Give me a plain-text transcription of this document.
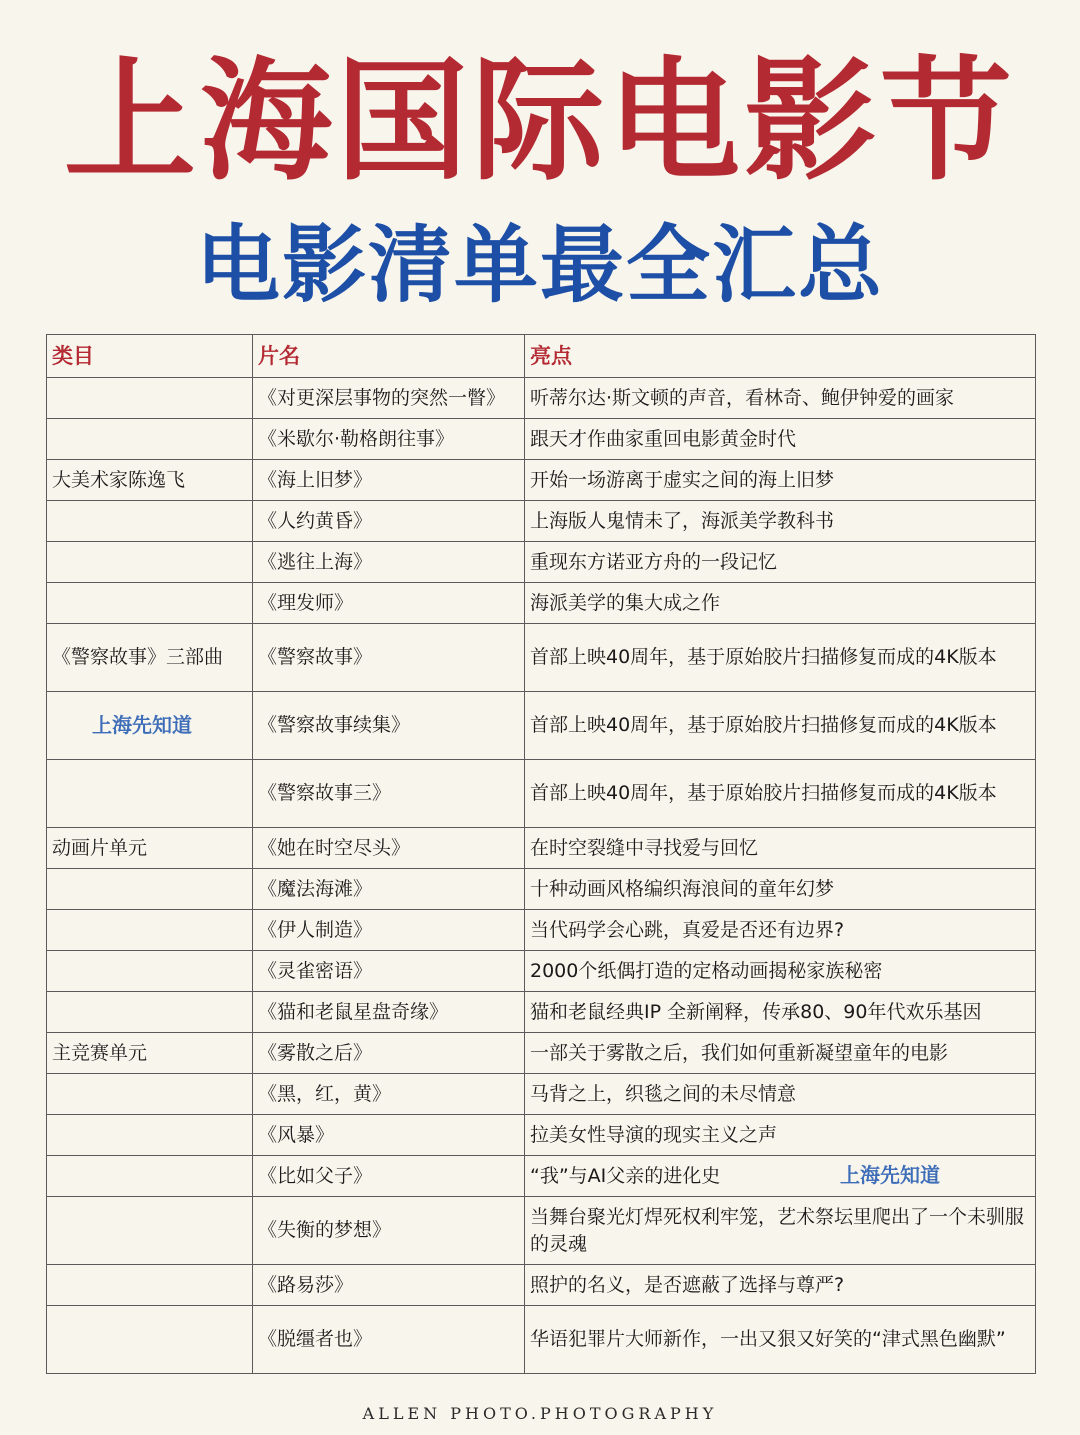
上海国际电影节
电影清单最全汇总
类目	片名	亮点
	《对更深层事物的突然一瞥》	听蒂尔达·斯文顿的声音，看林奇、鲍伊钟爱的画家
	《米歇尔·勒格朗往事》	跟天才作曲家重回电影黄金时代
大美术家陈逸飞	《海上旧梦》	开始一场游离于虚实之间的海上旧梦
	《人约黄昏》	上海版人鬼情未了，海派美学教科书
	《逃往上海》	重现东方诺亚方舟的一段记忆
	《理发师》	海派美学的集大成之作
《警察故事》三部曲	《警察故事》	首部上映40周年，基于原始胶片扫描修复而成的4K版本
上海先知道	《警察故事续集》	首部上映40周年，基于原始胶片扫描修复而成的4K版本
	《警察故事三》	首部上映40周年，基于原始胶片扫描修复而成的4K版本
动画片单元	《她在时空尽头》	在时空裂缝中寻找爱与回忆
	《魔法海滩》	十种动画风格编织海浪间的童年幻梦
	《伊人制造》	当代码学会心跳，真爱是否还有边界?
	《灵雀密语》	2000个纸偶打造的定格动画揭秘家族秘密
	《猫和老鼠星盘奇缘》	猫和老鼠经典IP 全新阐释，传承80、90年代欢乐基因
主竞赛单元	《雾散之后》	一部关于雾散之后，我们如何重新凝望童年的电影
	《黑，红，黄》	马背之上，织毯之间的未尽情意
	《风暴》	拉美女性导演的现实主义之声
	《比如父子》	“我”与AI父亲的进化史 上海先知道
	《失衡的梦想》	当舞台聚光灯焊死权利牢笼，艺术祭坛里爬出了一个未驯服的灵魂
	《路易莎》	照护的名义，是否遮蔽了选择与尊严?
	《脱缰者也》	华语犯罪片大师新作，一出又狠又好笑的“津式黑色幽默”
ALLEN PHOTO.PHOTOGRAPHY
